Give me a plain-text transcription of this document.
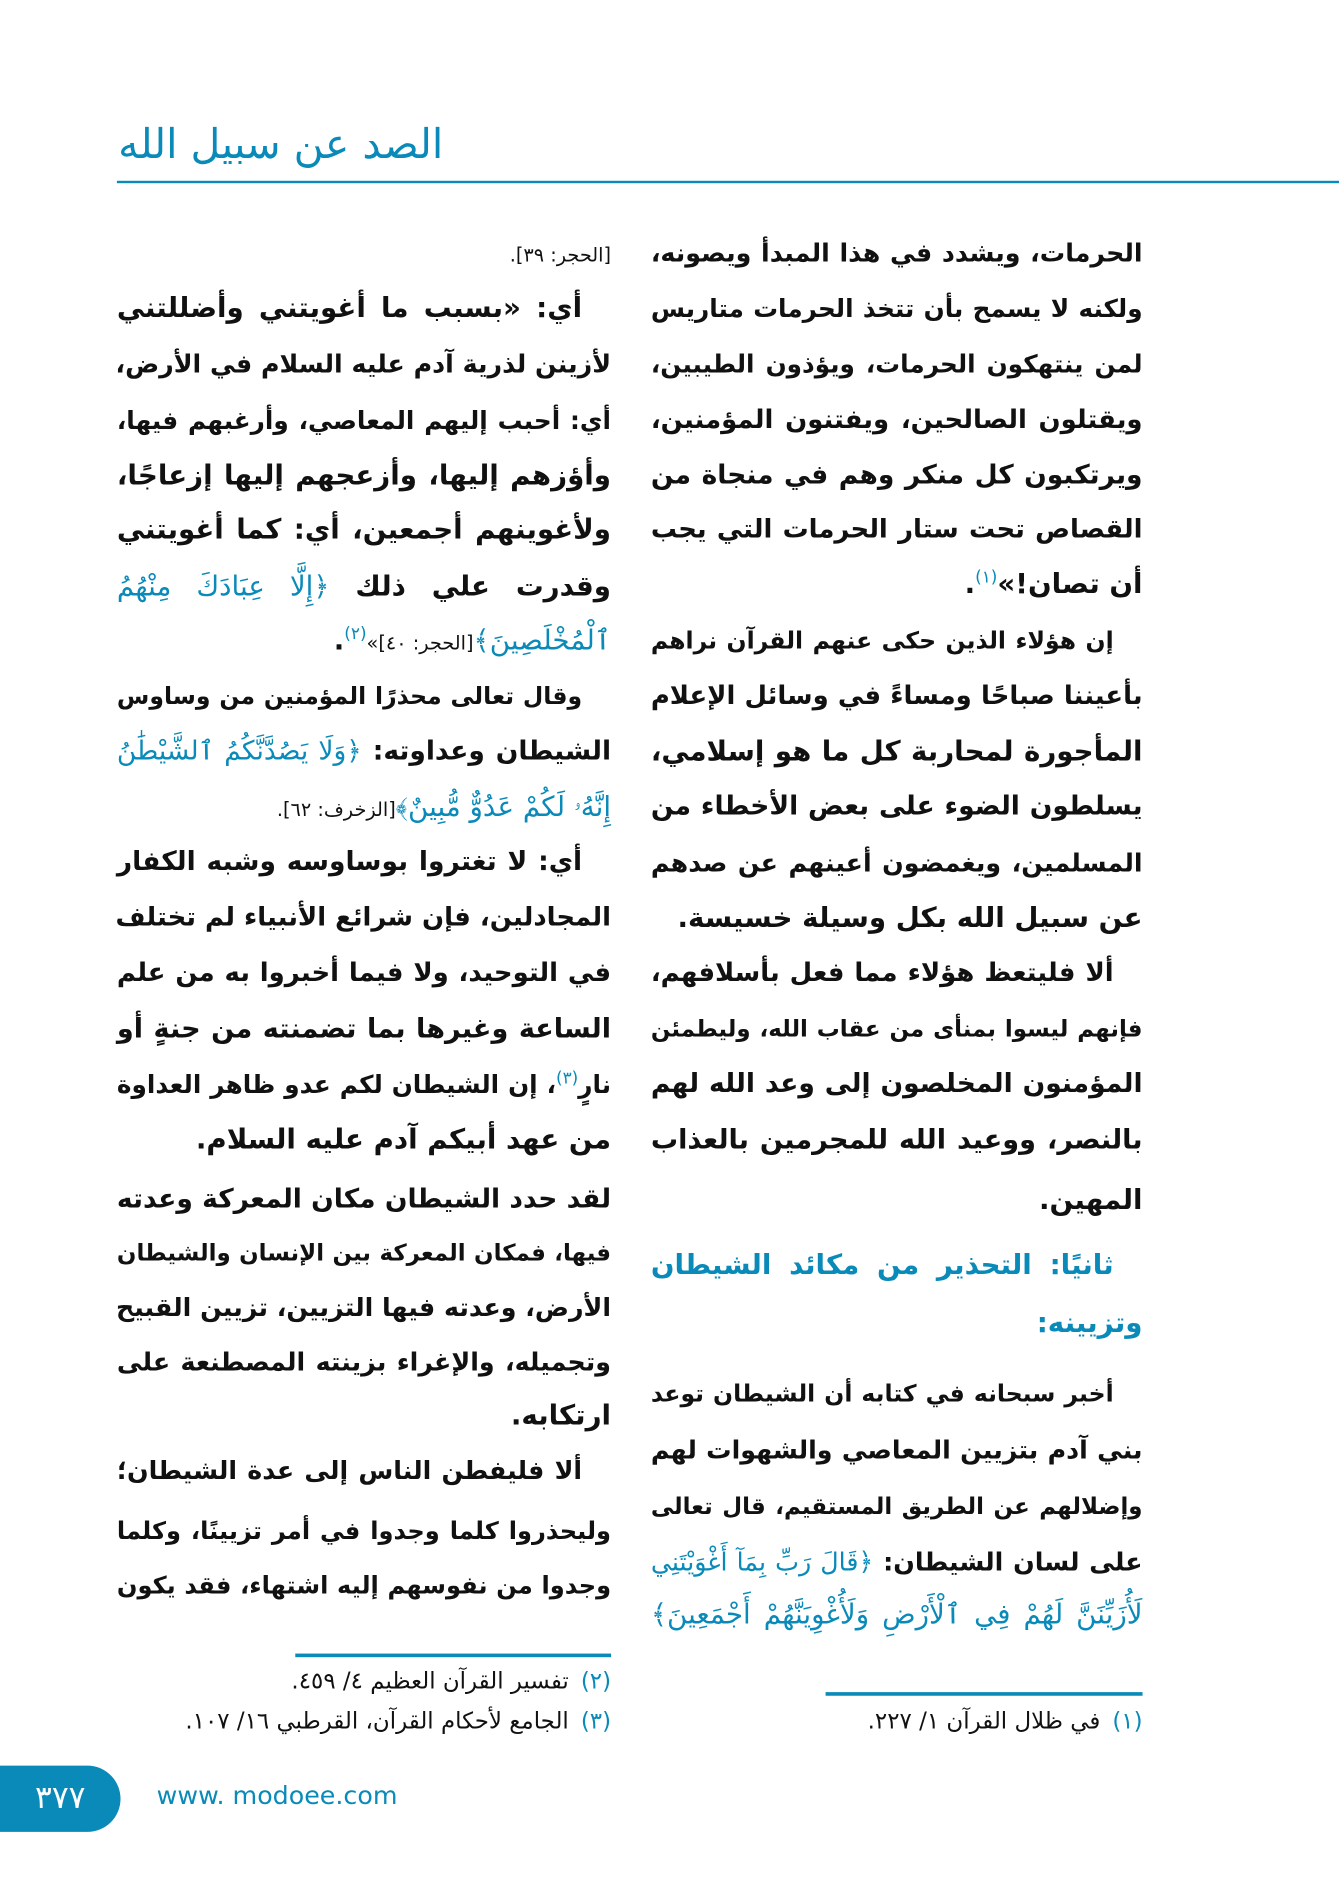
الصد عن سبيل الله
الحرمات، ويشدد في هذا المبدأ ويصونه،
ولكنه لا يسمح بأن تتخذ الحرمات متاريس
لمن ينتهكون الحرمات، ويؤذون الطيبين،
ويقتلون الصالحين، ويفتنون المؤمنين،
ويرتكبون كل منكر وهم في منجاة من
القصاص تحت ستار الحرمات التي يجب
أن تصان!»$^{(١)}$.
إن هؤلاء الذين حكى عنهم القرآن نراهم
بأعيننا صباحًا ومساءً في وسائل الإعلام
المأجورة لمحاربة كل ما هو إسلامي،
يسلطون الضوء على بعض الأخطاء من
المسلمين، ويغمضون أعينهم عن صدهم
عن سبيل الله بكل وسيلة خسيسة.
ألا فليتعظ هؤلاء مما فعل بأسلافهم،
فإنهم ليسوا بمنأى من عقاب الله، وليطمئن
المؤمنون المخلصون إلى وعد الله لهم
بالنصر، ووعيد الله للمجرمين بالعذاب
المهين.
ثانيًا: التحذير من مكائد الشيطان
وتزيينه:
أخبر سبحانه في كتابه أن الشيطان توعد
بني آدم بتزيين المعاصي والشهوات لهم
وإضلالهم عن الطريق المستقيم، قال تعالى
على لسان الشيطان: ﴿قَالَ رَبِّ بِمَآ أَغْوَيْتَنِي
لَأُزَيِّنَنَّ لَهُمْ فِي ٱلْأَرْضِ وَلَأُغْوِيَنَّهُمْ أَجْمَعِينَ﴾
[الحجر: ٣٩].
أي: «بسبب ما أغويتني وأضللتني
لأزينن لذرية آدم عليه السلام في الأرض،
أي: أحبب إليهم المعاصي، وأرغبهم فيها،
وأؤزهم إليها، وأزعجهم إليها إزعاجًا،
ولأغوينهم أجمعين، أي: كما أغويتني
وقدرت علي ذلك ﴿إِلَّا عِبَادَكَ مِنْهُمُ
ٱلْمُخْلَصِينَ﴾[الحجر: ٤٠]»$^{(٢)}$.
وقال تعالى محذرًا المؤمنين من وساوس
الشيطان وعداوته: ﴿وَلَا يَصُدَّنَّكُمُ ٱلشَّيْطَٰنُ
إِنَّهُۥ لَكُمْ عَدُوٌّ مُّبِينٌ﴾[الزخرف: ٦٢].
أي: لا تغتروا بوساوسه وشبه الكفار
المجادلين، فإن شرائع الأنبياء لم تختلف
في التوحيد، ولا فيما أخبروا به من علم
الساعة وغيرها بما تضمنته من جنةٍ أو
نارٍ$^{(٣)}$، إن الشيطان لكم عدو ظاهر العداوة
من عهد أبيكم آدم عليه السلام.
لقد حدد الشيطان مكان المعركة وعدته
فيها، فمكان المعركة بين الإنسان والشيطان
الأرض، وعدته فيها التزيين، تزيين القبيح
وتجميله، والإغراء بزينته المصطنعة على
ارتكابه.
ألا فليفطن الناس إلى عدة الشيطان؛
وليحذروا كلما وجدوا في أمر تزيينًا، وكلما
وجدوا من نفوسهم إليه اشتهاء، فقد يكون
(١)في ظلال القرآن ١/ ٢٢٧.
(٢)تفسير القرآن العظيم ٤/ ٤٥٩.
(٣)الجامع لأحكام القرآن، القرطبي ١٦/ ١٠٧.
٣٧٧	www. modoee.com
